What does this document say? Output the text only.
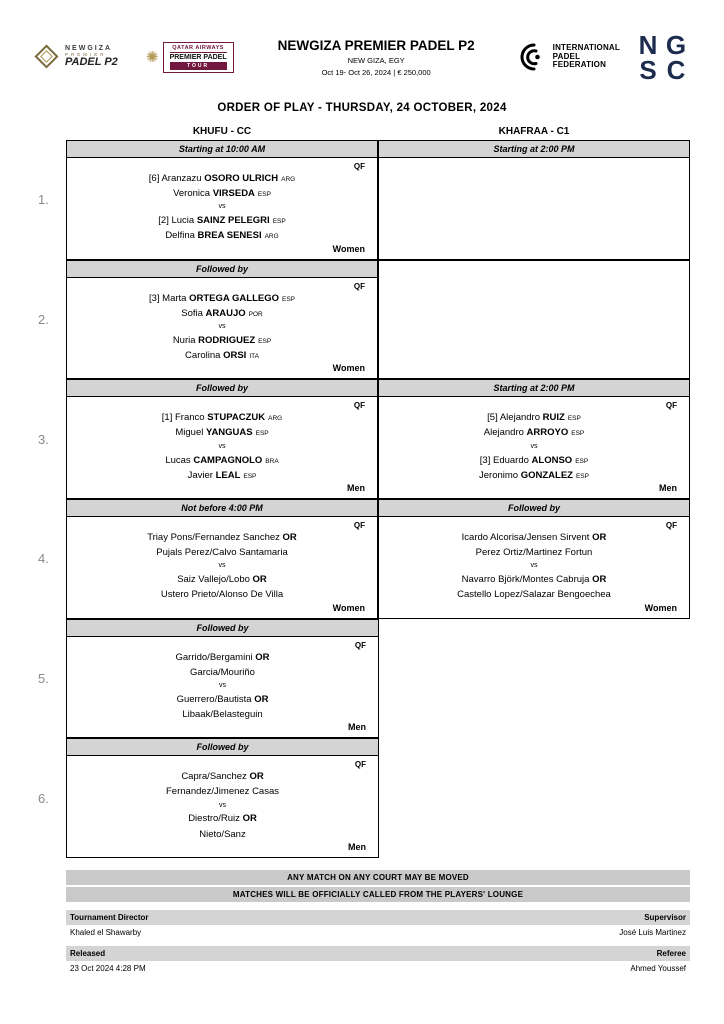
NEWGIZA
PREMIER
PADEL P2 ✺
QATAR AIRWAYS
PREMIER PADEL
TOUR
NEWGIZA PREMIER PADEL P2
NEW GIZA, EGY
Oct 19- Oct 26, 2024 | € 250,000
INTERNATIONAL
PADEL
FEDERATION
N G
S C
ORDER OF PLAY - THURSDAY, 24 OCTOBER, 2024
KHUFU - CC	KHAFRAA - C1
1.
Starting at 10:00 AM
QF
[6] Aranzazu OSORO ULRICH ARG
Veronica VIRSEDA ESP
vs
[2] Lucia SAINZ PELEGRI ESP
Delfina BREA SENESI ARG
Women
Starting at 2:00 PM
2.
Followed by
QF
[3] Marta ORTEGA GALLEGO ESP
Sofia ARAUJO POR
vs
Nuria RODRIGUEZ ESP
Carolina ORSI ITA
Women
3.
Followed by
QF
[1] Franco STUPACZUK ARG
Miguel YANGUAS ESP
vs
Lucas CAMPAGNOLO BRA
Javier LEAL ESP
Men
Starting at 2:00 PM
QF
[5] Alejandro RUIZ ESP
Alejandro ARROYO ESP
vs
[3] Eduardo ALONSO ESP
Jeronimo GONZALEZ ESP
Men
4.
Not before 4:00 PM
QF
Triay Pons/Fernandez Sanchez OR
Pujals Perez/Calvo Santamaria
vs
Saiz Vallejo/Lobo OR
Ustero Prieto/Alonso De Villa
Women
Followed by
QF
Icardo Alcorisa/Jensen Sirvent OR
Perez Ortiz/Martinez Fortun
vs
Navarro Björk/Montes Cabruja OR
Castello Lopez/Salazar Bengoechea
Women
5.
Followed by
QF
Garrido/Bergamini OR
Garcia/Mouriño
vs
Guerrero/Bautista OR
Libaak/Belasteguin
Men
6.
Followed by
QF
Capra/Sanchez OR
Fernandez/Jimenez Casas
vs
Diestro/Ruiz OR
Nieto/Sanz
Men
ANY MATCH ON ANY COURT MAY BE MOVED
MATCHES WILL BE OFFICIALLY CALLED FROM THE PLAYERS' LOUNGE
Tournament Director	Supervisor
Khaled el Shawarby	José Luis Martinez
Released	Referee
23 Oct 2024 4:28 PM	Ahmed Youssef
